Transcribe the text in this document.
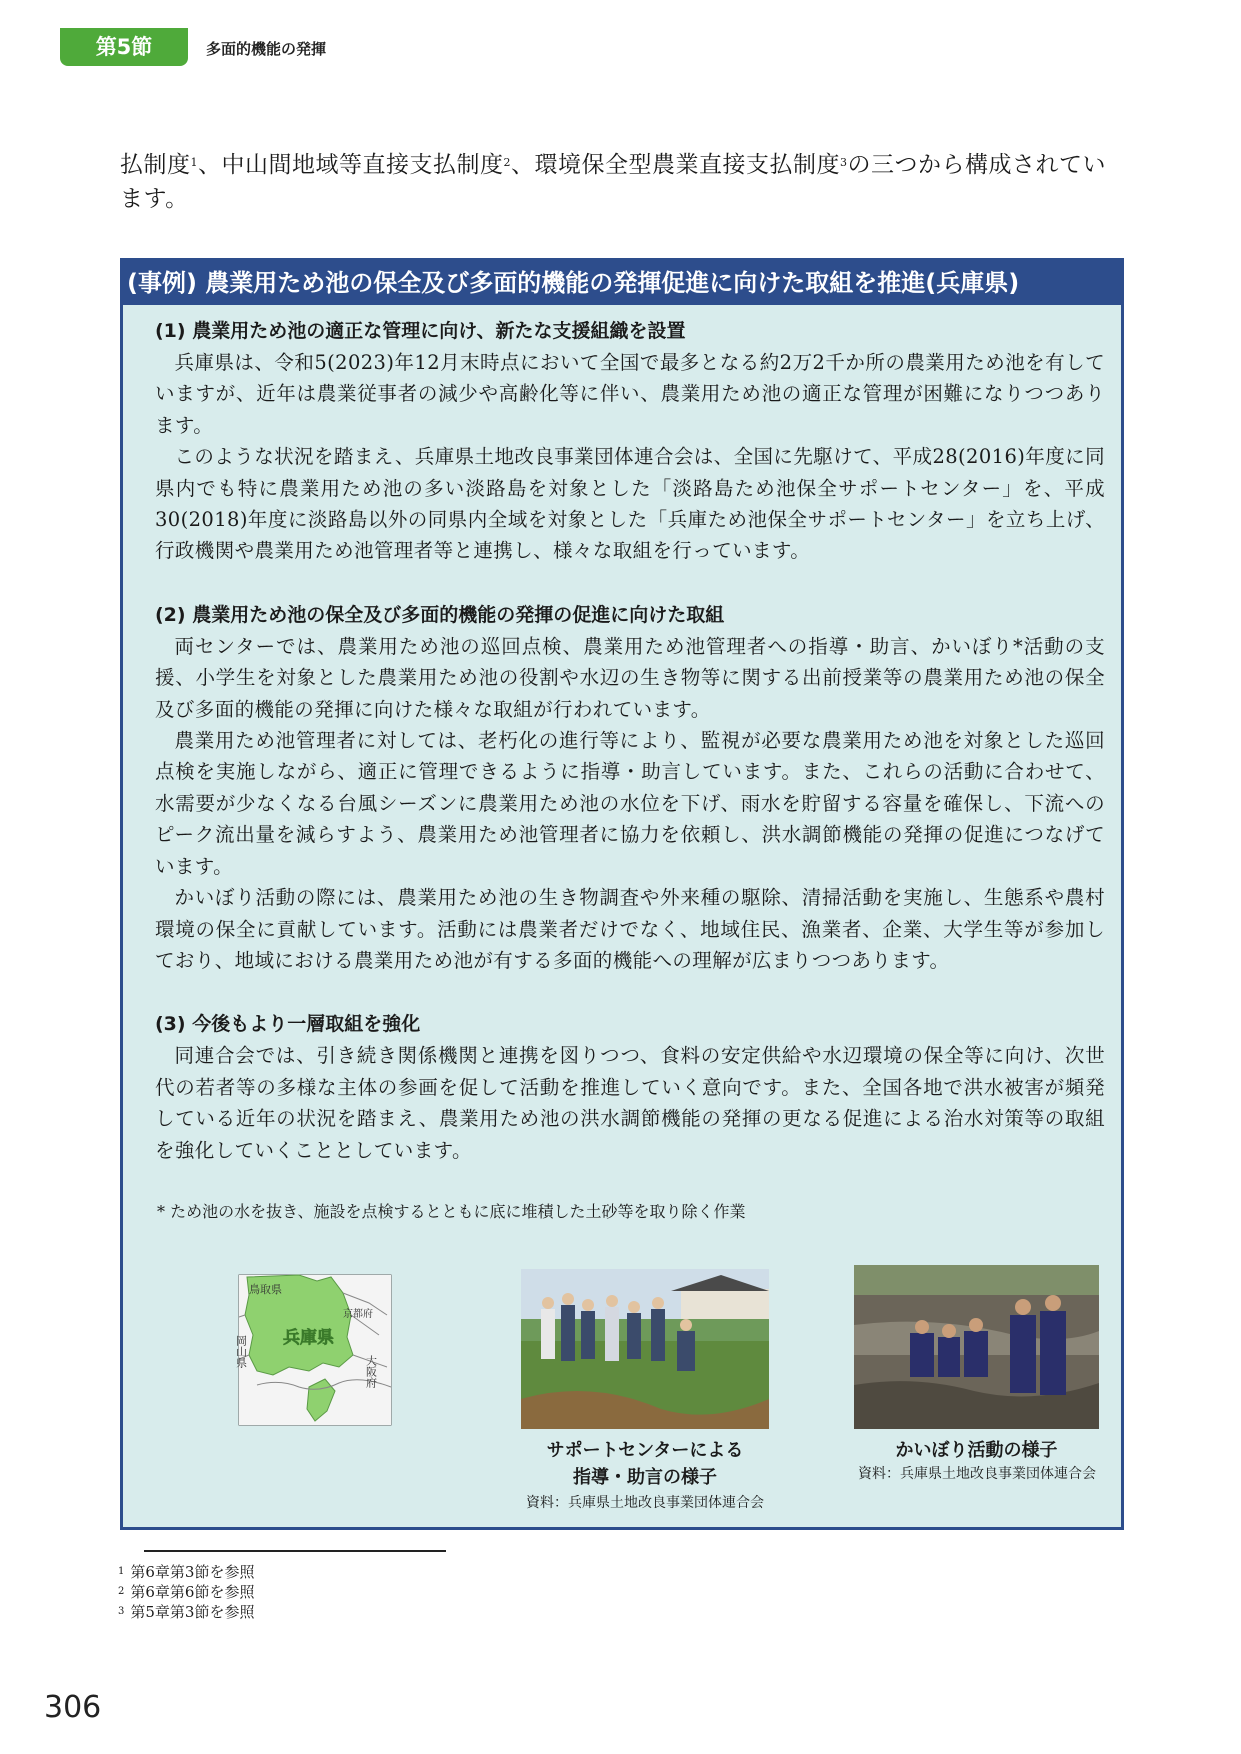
第5節	多面的機能の発揮
払制度$^1$、中山間地域等直接支払制度$^2$、環境保全型農業直接支払制度$^3$の三つから構成されています。
(事例) 農業用ため池の保全及び多面的機能の発揮促進に向けた取組を推進(兵庫県)

(1) 農業用ため池の適正な管理に向け、新たな支援組織を設置

兵庫県は、令和5(2023)年12月末時点において全国で最多となる約2万2千か所の農業用ため池を有していますが、近年は農業従事者の減少や高齢化等に伴い、農業用ため池の適正な管理が困難になりつつあります。

このような状況を踏まえ、兵庫県土地改良事業団体連合会は、全国に先駆けて、平成28(2016)年度に同県内でも特に農業用ため池の多い淡路島を対象とした「淡路島ため池保全サポートセンター」を、平成30(2018)年度に淡路島以外の同県内全域を対象とした「兵庫ため池保全サポートセンター」を立ち上げ、行政機関や農業用ため池管理者等と連携し、様々な取組を行っています。

(2) 農業用ため池の保全及び多面的機能の発揮の促進に向けた取組

両センターでは、農業用ため池の巡回点検、農業用ため池管理者への指導・助言、かいぼり*活動の支援、小学生を対象とした農業用ため池の役割や水辺の生き物等に関する出前授業等の農業用ため池の保全及び多面的機能の発揮に向けた様々な取組が行われています。

農業用ため池管理者に対しては、老朽化の進行等により、監視が必要な農業用ため池を対象とした巡回点検を実施しながら、適正に管理できるように指導・助言しています。また、これらの活動に合わせて、水需要が少なくなる台風シーズンに農業用ため池の水位を下げ、雨水を貯留する容量を確保し、下流へのピーク流出量を減らすよう、農業用ため池管理者に協力を依頼し、洪水調節機能の発揮の促進につなげています。

かいぼり活動の際には、農業用ため池の生き物調査や外来種の駆除、清掃活動を実施し、生態系や農村環境の保全に貢献しています。活動には農業者だけでなく、地域住民、漁業者、企業、大学生等が参加しており、地域における農業用ため池が有する多面的機能への理解が広まりつつあります。

(3) 今後もより一層取組を強化

同連合会では、引き続き関係機関と連携を図りつつ、食料の安定供給や水辺環境の保全等に向け、次世代の若者等の多様な主体の参画を促して活動を推進していく意向です。また、全国各地で洪水被害が頻発している近年の状況を踏まえ、農業用ため池の洪水調節機能の発揮の更なる促進による治水対策等の取組を強化していくこととしています。

* ため池の水を抜き、施設を点検するとともに底に堆積した土砂等を取り除く作業
鳥取県
京都府
兵庫県
岡山県
大阪府
サポートセンターによる
指導・助言の様子
資料：兵庫県土地改良事業団体連合会
かいぼり活動の様子
資料：兵庫県土地改良事業団体連合会
$^1$ 第6章第3節を参照
$^2$ 第6章第6節を参照
$^3$ 第5章第3節を参照
306
